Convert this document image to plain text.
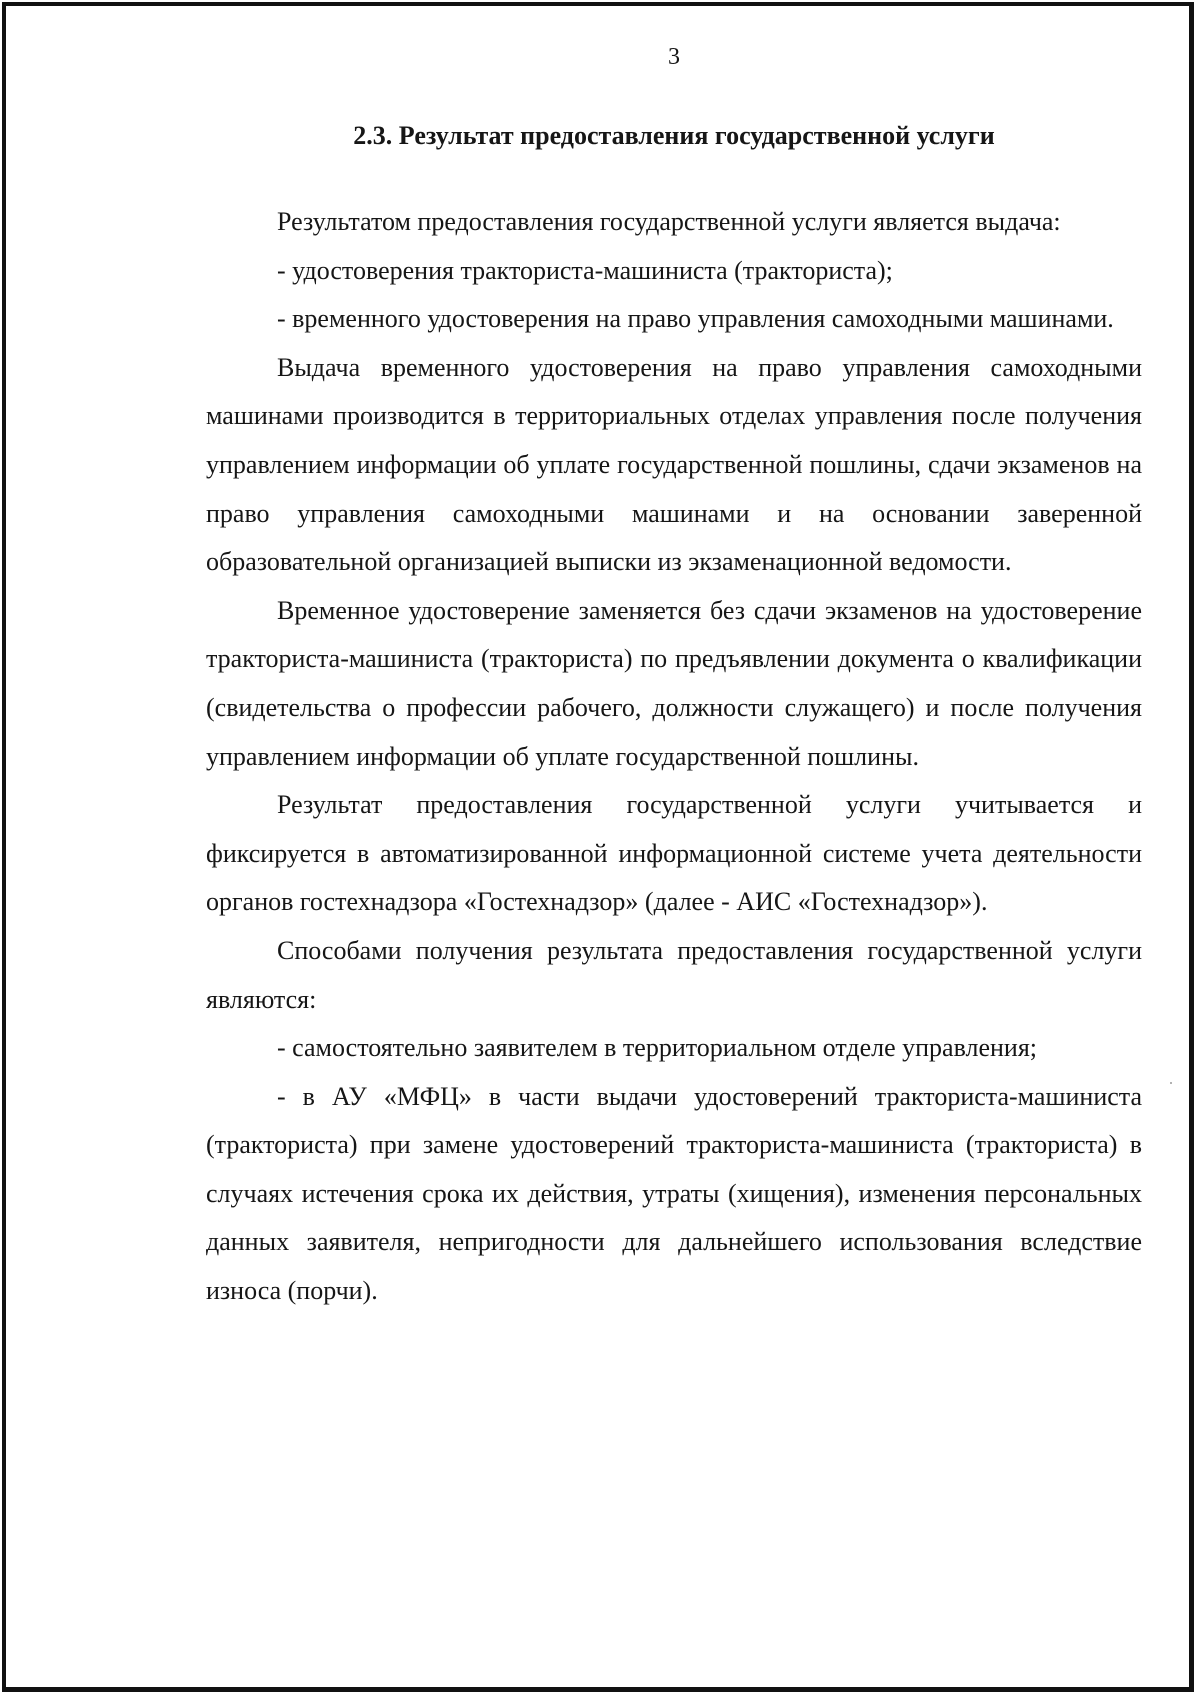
3
2.3. Результат предоставления государственной услуги

Результатом предоставления государственной услуги является выдача:

- удостоверения тракториста-машиниста (тракториста);

- временного удостоверения на право управления самоходными машинами.

Выдача временного удостоверения на право управления самоходными машинами производится в территориальных отделах управления после получения управлением информации об уплате государственной пошлины, сдачи экзаменов на право управления самоходными машинами и на основании заверенной образовательной организацией выписки из экзаменационной ведомости.

Временное удостоверение заменяется без сдачи экзаменов на удостоверение тракториста-машиниста (тракториста) по предъявлении документа о квалификации (свидетельства о профессии рабочего, должности служащего) и после получения управлением информации об уплате государственной пошлины.

Результат предоставления государственной услуги учитывается и фиксируется в автоматизированной информационной системе учета деятельности органов гостехнадзора «Гостехнадзор» (далее - АИС «Гостехнадзор»).

Способами получения результата предоставления государственной услуги являются:

- самостоятельно заявителем в территориальном отделе управления;

- в АУ «МФЦ» в части выдачи удостоверений тракториста-машиниста (тракториста) при замене удостоверений тракториста-машиниста (тракториста) в случаях истечения срока их действия, утраты (хищения), изменения персональных данных заявителя, непригодности для дальнейшего использования вследствие износа (порчи).
